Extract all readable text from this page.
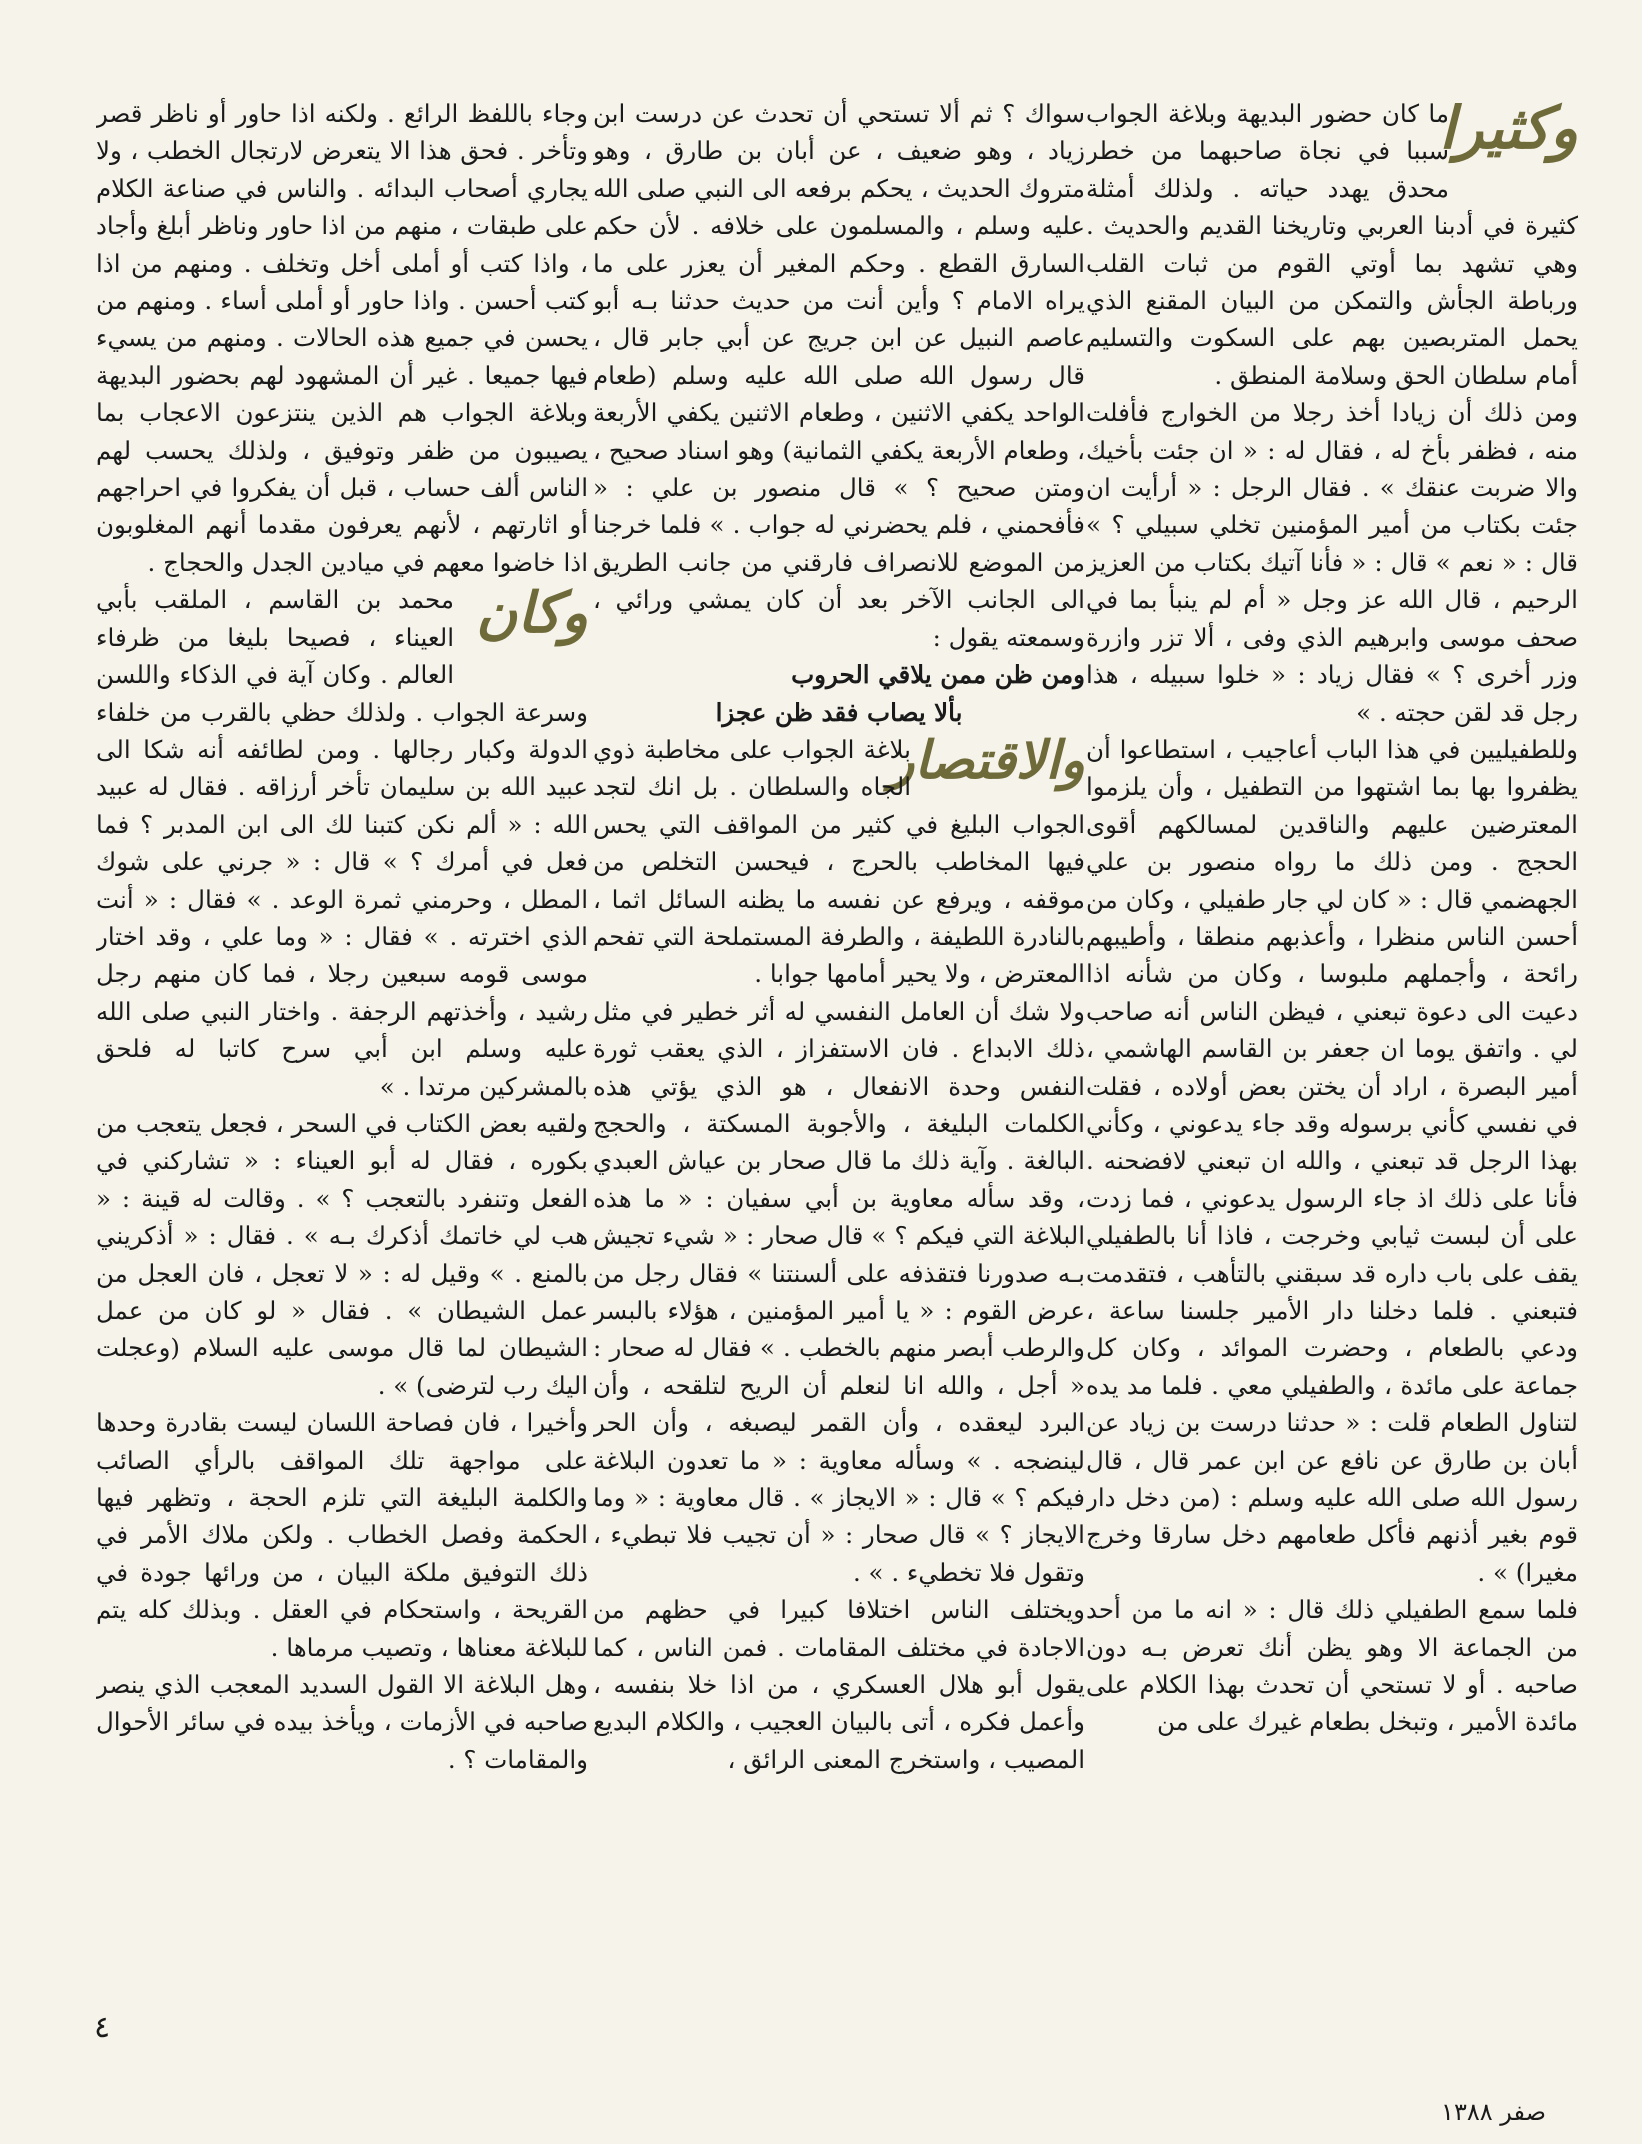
وكثيرا

ما كان حضور البديهة وبلاغة الجواب سببا في نجاة صاحبهما من خطر محدق يهدد حياته . ولذلك أمثلة كثيرة في أدبنا العربي وتاريخنا القديم والحديث . وهي تشهد بما أوتي القوم من ثبات القلب ورباطة الجأش والتمكن من البيان المقنع الذي يحمل المتربصين بهم على السكوت والتسليم أمام سلطان الحق وسلامة المنطق .

ومن ذلك أن زيادا أخذ رجلا من الخوارج فأفلت منه ، فظفر بأخ له ، فقال له : « ان جئت بأخيك والا ضربت عنقك » . فقال الرجل : « أرأيت ان جئت بكتاب من أمير المؤمنين تخلي سبيلي ؟ » قال : « نعم » قال : « فأنا آتيك بكتاب من العزيز الرحيم ، قال الله عز وجل « أم لم ينبأ بما في صحف موسى وابرهيم الذي وفى ، ألا تزر وازرة وزر أخرى ؟ » فقال زياد : « خلوا سبيله ، هذا رجل قد لقن حجته . »

وللطفيليين في هذا الباب أعاجيب ، استطاعوا أن يظفروا بها بما اشتهوا من التطفيل ، وأن يلزموا المعترضين عليهم والناقدين لمسالكهم أقوى الحجج . ومن ذلك ما رواه منصور بن علي الجهضمي قال : « كان لي جار طفيلي ، وكان من أحسن الناس منظرا ، وأعذبهم منطقا ، وأطيبهم رائحة ، وأجملهم ملبوسا ، وكان من شأنه اذا دعيت الى دعوة تبعني ، فيظن الناس أنه صاحب لي . واتفق يوما ان جعفر بن القاسم الهاشمي ، أمير البصرة ، اراد أن يختن بعض أولاده ، فقلت في نفسي كأني برسوله وقد جاء يدعوني ، وكأني بهذا الرجل قد تبعني ، والله ان تبعني لافضحنه . فأنا على ذلك اذ جاء الرسول يدعوني ، فما زدت على أن لبست ثيابي وخرجت ، فاذا أنا بالطفيلي يقف على باب داره قد سبقني بالتأهب ، فتقدمت فتبعني . فلما دخلنا دار الأمير جلسنا ساعة ، ودعي بالطعام ، وحضرت الموائد ، وكان كل جماعة على مائدة ، والطفيلي معي . فلما مد يده لتناول الطعام قلت : « حدثنا درست بن زياد عن أبان بن طارق عن نافع عن ابن عمر قال ، قال رسول الله صلى الله عليه وسلم : (من دخل دار قوم بغير أذنهم فأكل طعامهم دخل سارقا وخرج مغيرا) » .

فلما سمع الطفيلي ذلك قال : « انه ما من أحد من الجماعة الا وهو يظن أنك تعرض بـه دون صاحبه . أو لا تستحي أن تحدث بهذا الكلام على مائدة الأمير ، وتبخل بطعام غيرك على من

سواك ؟ ثم ألا تستحي أن تحدث عن درست ابن زياد ، وهو ضعيف ، عن أبان بن طارق ، وهو متروك الحديث ، يحكم برفعه الى النبي صلى الله عليه وسلم ، والمسلمون على خلافه . لأن حكم السارق القطع . وحكم المغير أن يعزر على ما يراه الامام ؟ وأين أنت من حديث حدثنا بـه أبو عاصم النبيل عن ابن جريج عن أبي جابر قال ، قال رسول الله صلى الله عليه وسلم (طعام الواحد يكفي الاثنين ، وطعام الاثنين يكفي الأربعة ، وطعام الأربعة يكفي الثمانية) وهو اسناد صحيح ، ومتن صحيح ؟ » قال منصور بن علي : « فأفحمني ، فلم يحضرني له جواب . » فلما خرجنا من الموضع للانصراف فارقني من جانب الطريق الى الجانب الآخر بعد أن كان يمشي ورائي ، وسمعته يقول :

ومن ظن ممن يلاقي الحروب

بألا يصاب فقد ظن عجزا

والاقتصار

بلاغة الجواب على مخاطبة ذوي الجاه والسلطان . بل انك لتجد الجواب البليغ في كثير من المواقف التي يحس فيها المخاطب بالحرج ، فيحسن التخلص من موقفه ، ويرفع عن نفسه ما يظنه السائل اثما ، بالنادرة اللطيفة ، والطرفة المستملحة التي تفحم المعترض ، ولا يحير أمامها جوابا .

ولا شك أن العامل النفسي له أثر خطير في مثل ذلك الابداع . فان الاستفزاز ، الذي يعقب ثورة النفس وحدة الانفعال ، هو الذي يؤتي هذه الكلمات البليغة ، والأجوبة المسكتة ، والحجج البالغة . وآية ذلك ما قال صحار بن عياش العبدي ، وقد سأله معاوية بن أبي سفيان : « ما هذه البلاغة التي فيكم ؟ » قال صحار : « شيء تجيش بـه صدورنا فتقذفه على ألسنتنا » فقال رجل من عرض القوم : « يا أمير المؤمنين ، هؤلاء بالبسر والرطب أبصر منهم بالخطب . » فقال له صحار : « أجل ، والله انا لنعلم أن الريح لتلقحه ، وأن البرد ليعقده ، وأن القمر ليصبغه ، وأن الحر لينضجه . » وسأله معاوية : « ما تعدون البلاغة فيكم ؟ » قال : « الايجاز » . قال معاوية : « وما الايجاز ؟ » قال صحار : « أن تجيب فلا تبطيء ، وتقول فلا تخطيء . » .

ويختلف الناس اختلافا كبيرا في حظهم من الاجادة في مختلف المقامات . فمن الناس ، كما يقول أبو هلال العسكري ، من اذا خلا بنفسه ، وأعمل فكره ، أتى بالبيان العجيب ، والكلام البديع المصيب ، واستخرج المعنى الرائق ،

وجاء باللفظ الرائع . ولكنه اذا حاور أو ناظر قصر وتأخر . فحق هذا الا يتعرض لارتجال الخطب ، ولا يجاري أصحاب البدائه . والناس في صناعة الكلام على طبقات ، منهم من اذا حاور وناظر أبلغ وأجاد ، واذا كتب أو أملى أخل وتخلف . ومنهم من اذا كتب أحسن . واذا حاور أو أملى أساء . ومنهم من يحسن في جميع هذه الحالات . ومنهم من يسيء فيها جميعا . غير أن المشهود لهم بحضور البديهة وبلاغة الجواب هم الذين ينتزعون الاعجاب بما يصيبون من ظفر وتوفيق ، ولذلك يحسب لهم الناس ألف حساب ، قبل أن يفكروا في احراجهم أو اثارتهم ، لأنهم يعرفون مقدما أنهم المغلوبون اذا خاضوا معهم في ميادين الجدل والحجاج .

وكان

محمد بن القاسم ، الملقب بأبي العيناء ، فصيحا بليغا من ظرفاء العالم . وكان آية في الذكاء واللسن وسرعة الجواب . ولذلك حظي بالقرب من خلفاء الدولة وكبار رجالها . ومن لطائفه أنه شكا الى عبيد الله بن سليمان تأخر أرزاقه . فقال له عبيد الله : « ألم نكن كتبنا لك الى ابن المدبر ؟ فما فعل في أمرك ؟ » قال : « جرني على شوك المطل ، وحرمني ثمرة الوعد . » فقال : « أنت الذي اخترته . » فقال : « وما علي ، وقد اختار موسى قومه سبعين رجلا ، فما كان منهم رجل رشيد ، وأخذتهم الرجفة . واختار النبي صلى الله عليه وسلم ابن أبي سرح كاتبا له فلحق بالمشركين مرتدا . »

ولقيه بعض الكتاب في السحر ، فجعل يتعجب من بكوره ، فقال له أبو العيناء : « تشاركني في الفعل وتنفرد بالتعجب ؟ » . وقالت له قينة : « هب لي خاتمك أذكرك بـه » . فقال : « أذكريني بالمنع . » وقيل له : « لا تعجل ، فان العجل من عمل الشيطان » . فقال « لو كان من عمل الشيطان لما قال موسى عليه السلام (وعجلت اليك رب لترضى) » .

وأخيرا ، فان فصاحة اللسان ليست بقادرة وحدها على مواجهة تلك المواقف بالرأي الصائب والكلمة البليغة التي تلزم الحجة ، وتظهر فيها الحكمة وفصل الخطاب . ولكن ملاك الأمر في ذلك التوفيق ملكة البيان ، من ورائها جودة في القريحة ، واستحكام في العقل . وبذلك كله يتم للبلاغة معناها ، وتصيب مرماها .

وهل البلاغة الا القول السديد المعجب الذي ينصر صاحبه في الأزمات ، ويأخذ بيده في سائر الأحوال والمقامات ؟ .

٤
صفر ١٣٨٨
